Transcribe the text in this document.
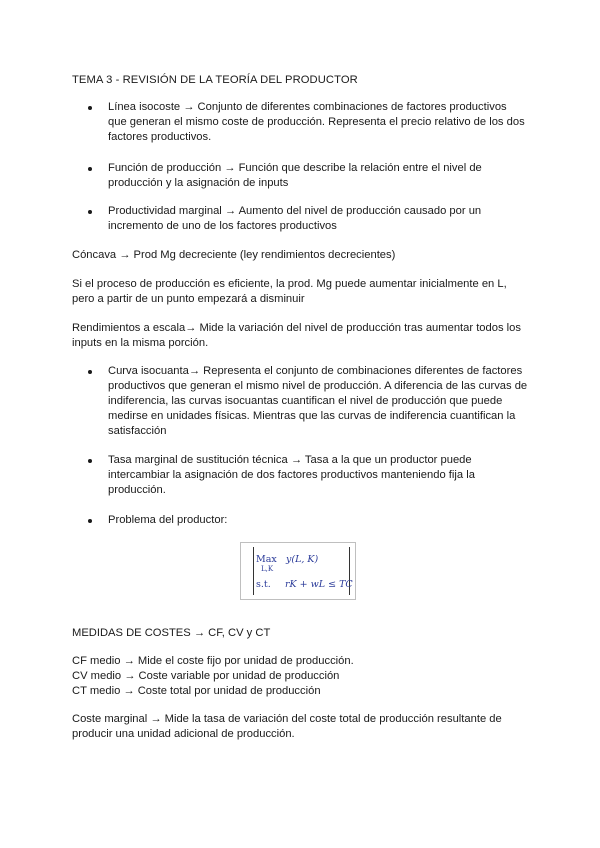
TEMA 3 - REVISIÓN DE LA TEORÍA DEL PRODUCTOR
Línea isocoste → Conjunto de diferentes combinaciones de factores productivos que generan el mismo coste de producción. Representa el precio relativo de los dos factores productivos.
Función de producción → Función que describe la relación entre el nivel de producción y la asignación de inputs
Productividad marginal → Aumento del nivel de producción causado por un incremento de uno de los factores productivos
Cóncava → Prod Mg decreciente (ley rendimientos decrecientes)
Si el proceso de producción es eficiente, la prod. Mg puede aumentar inicialmente en L, pero a partir de un punto empezará a disminuir
Rendimientos a escala→ Mide la variación del nivel de producción tras aumentar todos los inputs en la misma porción.
Curva isocuanta→ Representa el conjunto de combinaciones diferentes de factores productivos que generan el mismo nivel de producción. A diferencia de las curvas de indiferencia, las curvas isocuantas cuantifican el nivel de producción que puede medirse en unidades físicas. Mientras que las curvas de indiferencia cuantifican la satisfacción
Tasa marginal de sustitución técnica → Tasa a la que un productor puede intercambiar la asignación de dos factores productivos manteniendo fija la producción.
Problema del productor:
Max
L,K
y(L, K)
s.t. rK + wL ≤ TC
MEDIDAS DE COSTES → CF, CV y CT
CF medio → Mide el coste fijo por unidad de producción.
CV medio → Coste variable por unidad de producción
CT medio → Coste total por unidad de producción
Coste marginal → Mide la tasa de variación del coste total de producción resultante de producir una unidad adicional de producción.
